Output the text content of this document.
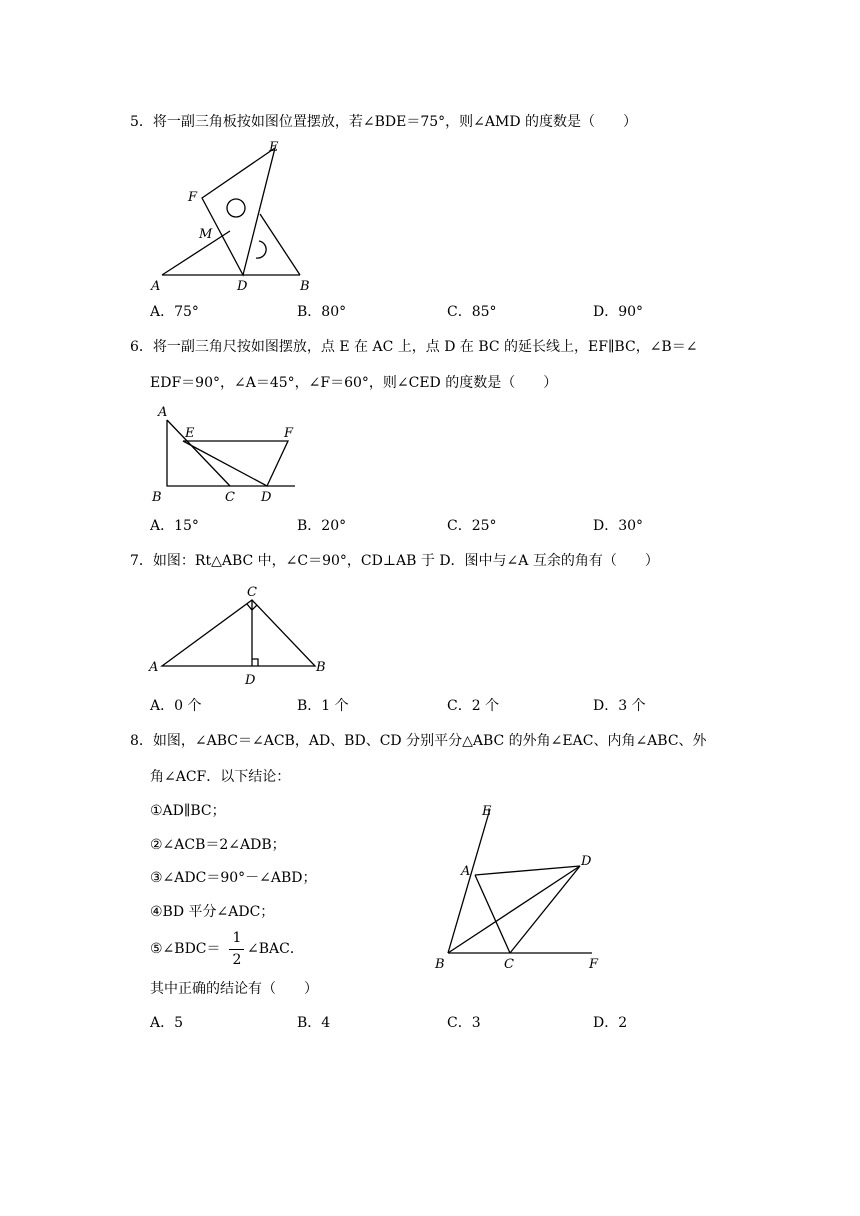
5．将一副三角板按如图位置摆放，若∠BDE＝75°，则∠AMD 的度数是（　　）
E
F
M
A	D	B
A．75°	B．80°	C．85°	D．90°
6．将一副三角尺按如图摆放，点 E 在 AC 上，点 D 在 BC 的延长线上，EF∥BC，∠B＝∠
EDF＝90°，∠A＝45°，∠F＝60°，则∠CED 的度数是（　　）
A
E	F
B	C D
A．15°	B．20°	C．25°	D．30°
7．如图：Rt△ABC 中，∠C＝90°，CD⊥AB 于 D．图中与∠A 互余的角有（　　）
C
A	B
D
A．0 个	B．1 个	C．2 个	D．3 个
8．如图，∠ABC＝∠ACB，AD、BD、CD 分别平分△ABC 的外角∠EAC、内角∠ABC、外
角∠ACF．以下结论：
①AD∥BC；
②∠ACB＝2∠ADB；
③∠ADC＝90°－∠ABD；
④BD 平分∠ADC；
⑤∠BDC＝
1
2
∠BAC．
其中正确的结论有（　　）
E
A
D
B	C	F
A．5	B．4	C．3	D．2
